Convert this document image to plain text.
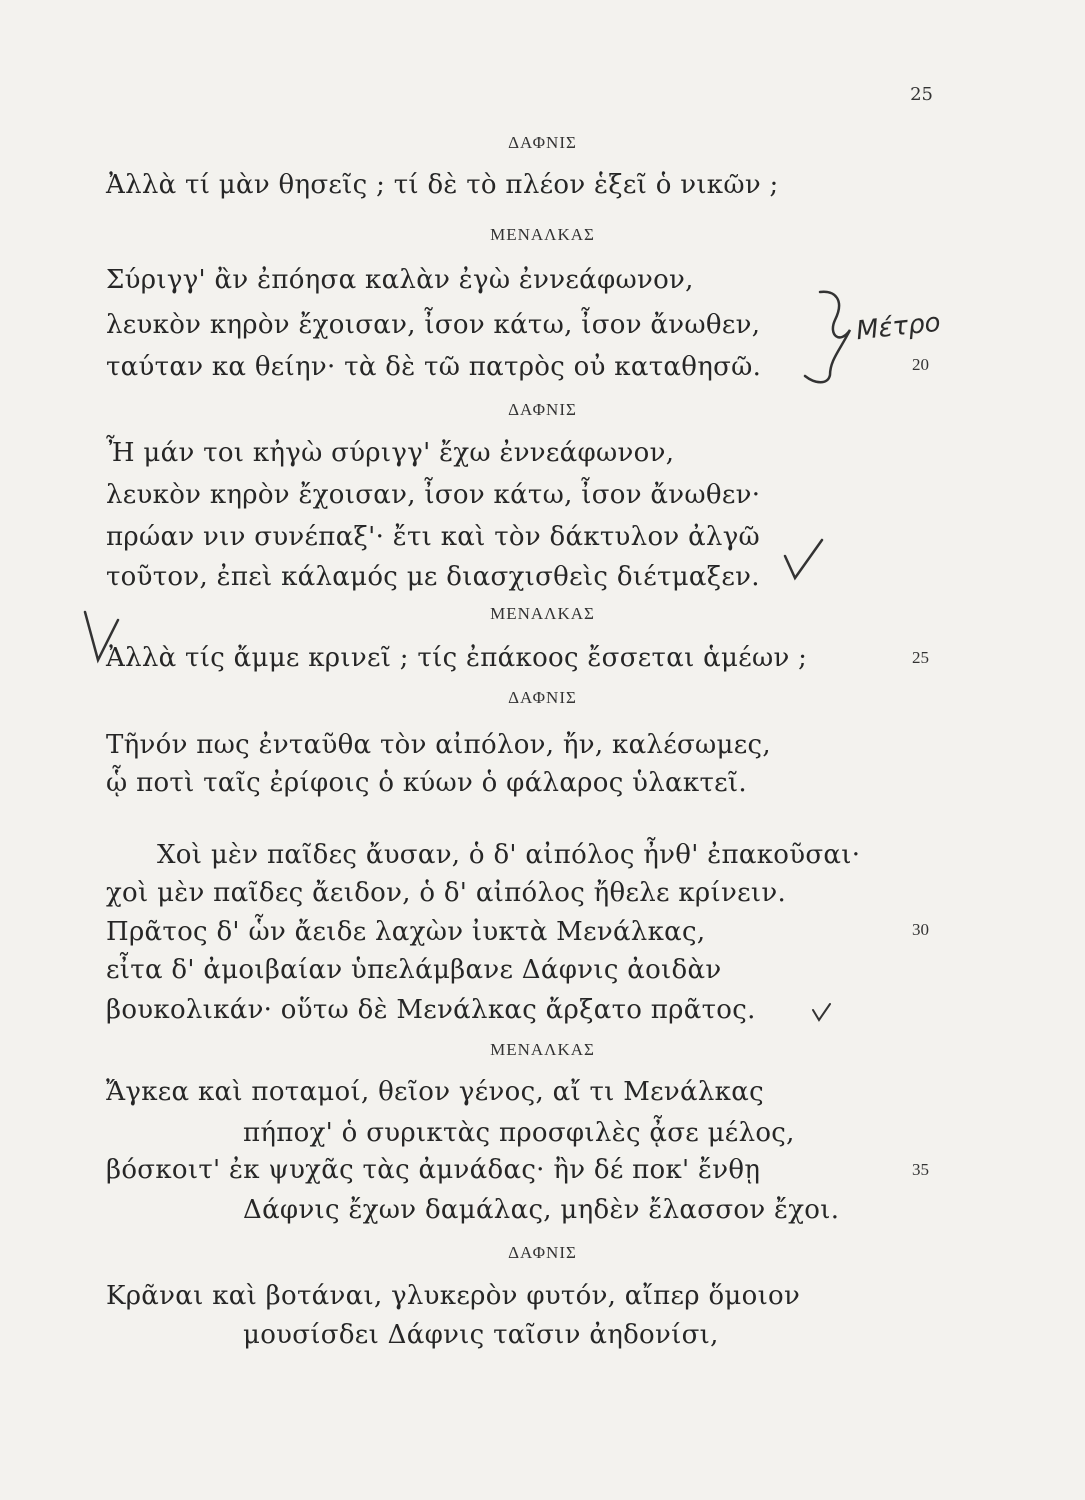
25
ΔΑΦΝΙΣ
Ἀλλὰ τί μὰν θησεῖς ; τί δὲ τὸ πλέον ἑξεῖ ὁ νικῶν ;
ΜΕΝΑΛΚΑΣ
Σύριγγ' ἂν ἐπόησα καλὰν ἐγὼ ἐννεάφωνον,
λευκὸν κηρὸν ἔχοισαν, ἶσον κάτω, ἶσον ἄνωθεν,
ταύταν κα θείην· τὰ δὲ τῶ πατρὸς οὐ καταθησῶ.	20
ΔΑΦΝΙΣ
Ἦ μάν τοι κἠγὼ σύριγγ' ἔχω ἐννεάφωνον,
λευκὸν κηρὸν ἔχοισαν, ἶσον κάτω, ἶσον ἄνωθεν·
πρώαν νιν συνέπαξ'· ἔτι καὶ τὸν δάκτυλον ἀλγῶ
τοῦτον, ἐπεὶ κάλαμός με διασχισθεὶς διέτμαξεν.
ΜΕΝΑΛΚΑΣ
Ἀλλὰ τίς ἄμμε κρινεῖ ; τίς ἐπάκοος ἔσσεται ἁμέων ;	25
ΔΑΦΝΙΣ
Τῆνόν πως ἐνταῦθα τὸν αἰπόλον, ἤν, καλέσωμες,
ᾧ ποτὶ ταῖς ἐρίφοις ὁ κύων ὁ φάλαρος ὑλακτεῖ.
Χοὶ μὲν παῖδες ἄυσαν, ὁ δ' αἰπόλος ἦνθ' ἐπακοῦσαι·
χοὶ μὲν παῖδες ἄειδον, ὁ δ' αἰπόλος ἤθελε κρίνειν.
Πρᾶτος δ' ὧν ἄειδε λαχὼν ἰυκτὰ Μενάλκας,	30
εἶτα δ' ἀμοιβαίαν ὑπελάμβανε Δάφνις ἀοιδὰν
βουκολικάν· οὕτω δὲ Μενάλκας ἄρξατο πρᾶτος.
ΜΕΝΑΛΚΑΣ
Ἄγκεα καὶ ποταμοί, θεῖον γένος, αἴ τι Μενάλκας
πήποχ' ὁ συρικτὰς προσφιλὲς ᾆσε μέλος,
βόσκοιτ' ἐκ ψυχᾶς τὰς ἀμνάδας· ἢν δέ ποκ' ἔνθῃ	35
Δάφνις ἔχων δαμάλας, μηδὲν ἔλασσον ἔχοι.
ΔΑΦΝΙΣ
Κρᾶναι καὶ βοτάναι, γλυκερὸν φυτόν, αἴπερ ὅμοιον
μουσίσδει Δάφνις ταῖσιν ἀηδονίσι,
Μέτρο
